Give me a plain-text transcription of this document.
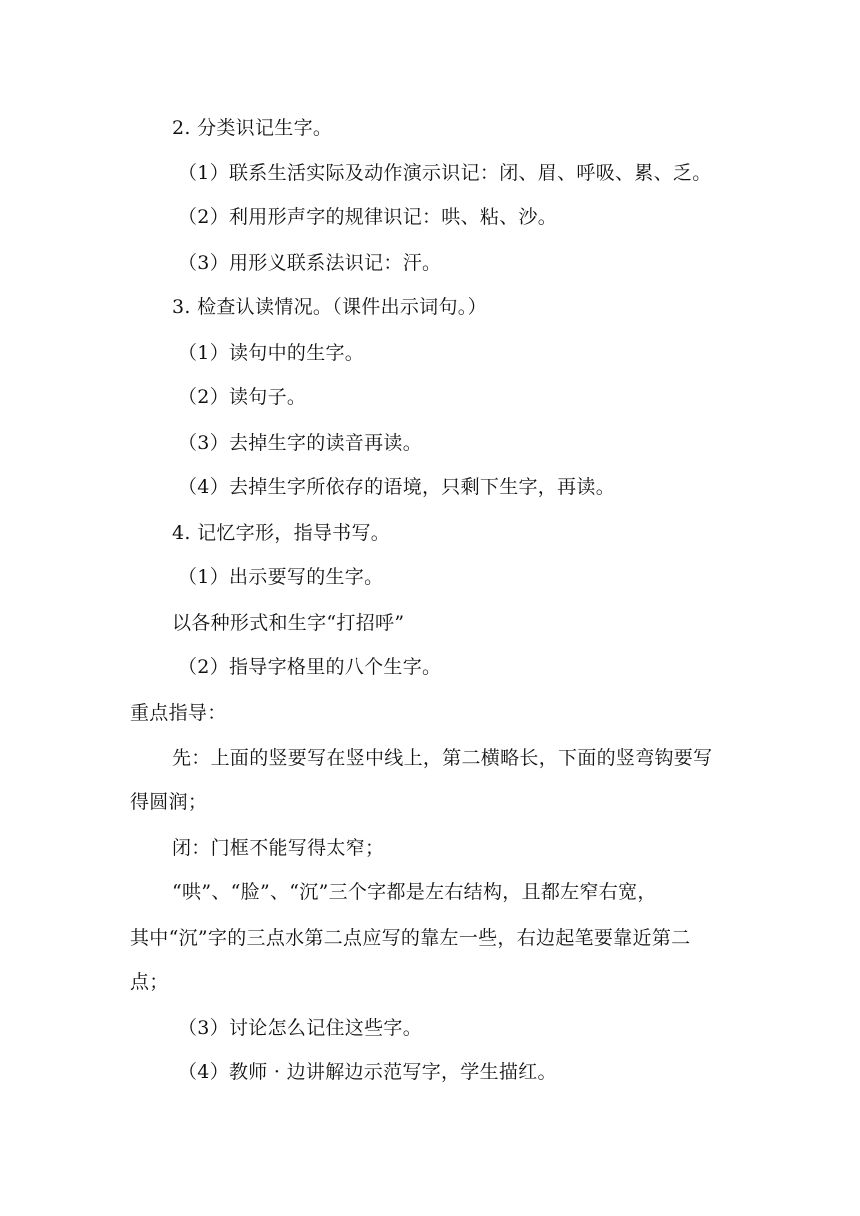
2. 分类识记生字。
（1）联系生活实际及动作演示识记：闭、眉、呼吸、累、乏。
（2）利用形声字的规律识记：哄、粘、沙。
（3）用形义联系法识记：汗。
3. 检查认读情况。（课件出示词句。）
（1）读句中的生字。
（2）读句子。
（3）去掉生字的读音再读。
（4）去掉生字所依存的语境，只剩下生字，再读。
4. 记忆字形，指导书写。
（1）出示要写的生字。
以各种形式和生字“打招呼”
（2）指导字格里的八个生字。
重点指导：
先：上面的竖要写在竖中线上，第二横略长，下面的竖弯钩要写
得圆润；
闭：门框不能写得太窄；
“哄”、“脸”、“沉”三个字都是左右结构，且都左窄右宽，
其中“沉”字的三点水第二点应写的靠左一些，右边起笔要靠近第二
点；
（3）讨论怎么记住这些字。
（4）教师 · 边讲解边示范写字，学生描红。
